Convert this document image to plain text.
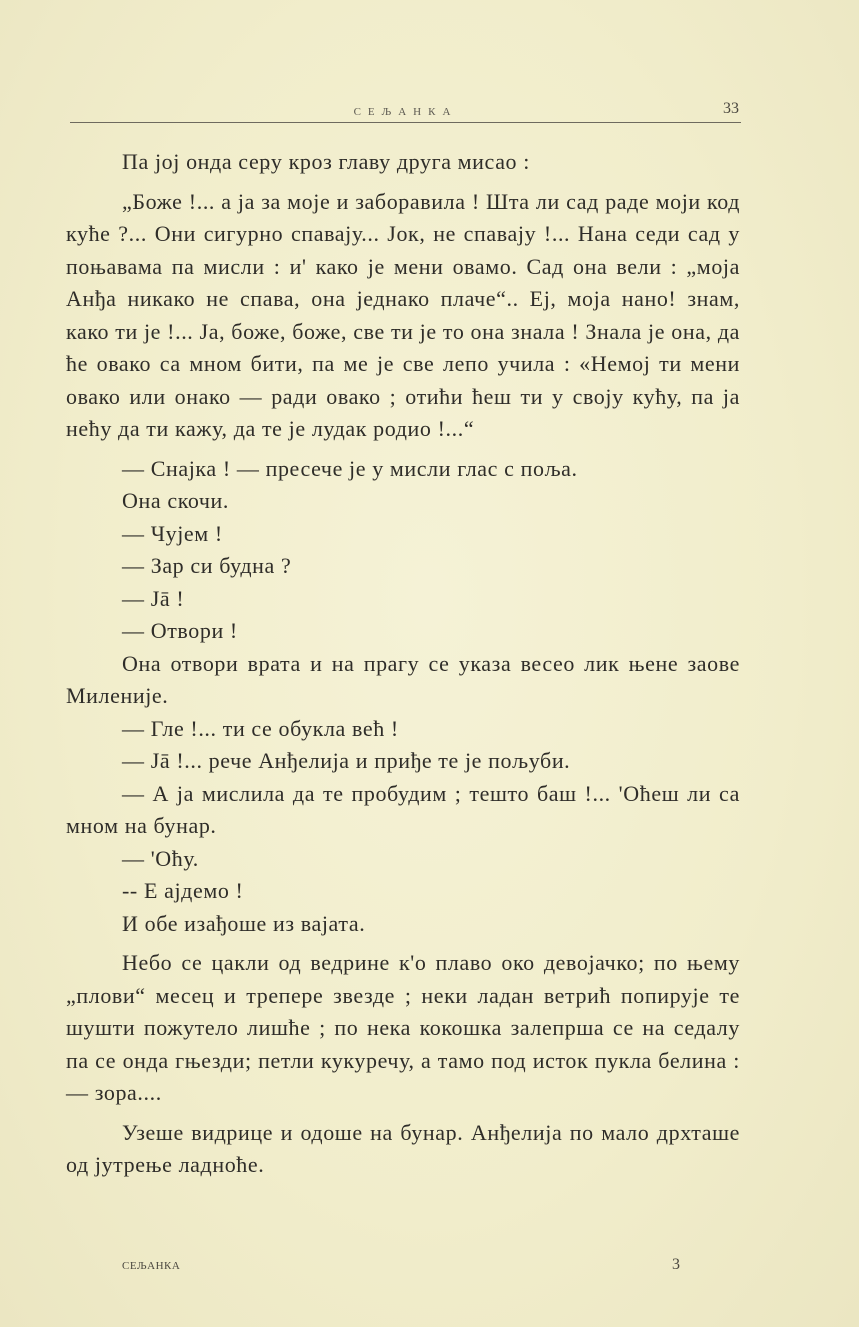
СЕЉАНКА	33

Па јој онда сеҏу кроз главу друга мисао :

„Боже !... а ја за моје и заборавила ! Шта ли сад раде моји код куће ?... Они сигурно спавају... Јок, не спавају !... Нана седи сад у поњавама па мисли : и' како је мени овамо. Сад она вели : „моја Анђа никако не спава, она једнако плаче“.. Еј, моја нано! знам, како ти је !... Ја, боже, боже, све ти је то она знала ! Знала је она, да ће овако са мном бити, па ме је све лепо учила : «Немој ти мени овако или онако — ради овако ; отићи ћеш ти у своју кућу, па ја нећу да ти кажу, да те је лудак родио !...“

— Снајка ! — пресече је у мисли глас с поља.

Она скочи.

— Чујем !

— Зар си будна ?

— Јā !

— Отвори !

Она отвори врата и на прагу се указа весео лик њене заове Миленије.

— Гле !... ти се обукла већ !

— Јā !... рече Анђелија и приђе те је пољуби.

— А ја мислила да те пробудим ; тешто баш !... 'Оћеш ли са мном на бунар.

— 'Оћу.

-- Е ајдемо !

И обе изађоше из вајата.

Небо се цакли од ведрине к'о плаво око девојачко; по њему „плови“ месец и трепере звезде ; неки ладан ветрић попирује те шушти пожутело лишће ; по нека кокошка залепрша се на седалу па се онда гњезди; петли кукуречу, а тамо под исток пукла белина : — зора....

Узеше видрице и одоше на бунар. Анђелија по мало дрхташе од јутрење ладноће.

СЕЉАНКА	3
